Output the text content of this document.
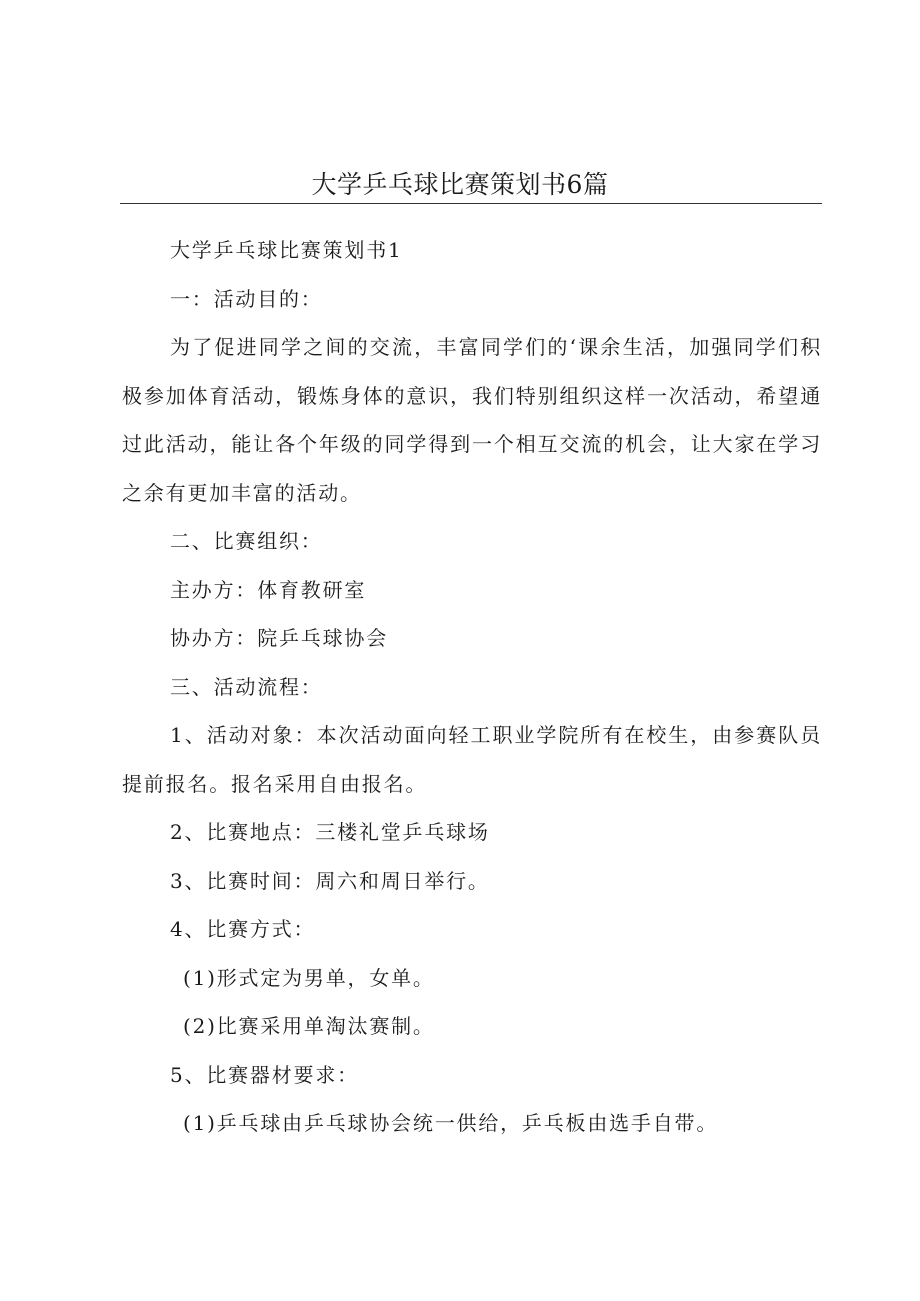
大学乒乓球比赛策划书6篇

大学乒乓球比赛策划书1

一：活动目的：

为了促进同学之间的交流，丰富同学们的‘课余生活，加强同学们积极参加体育活动，锻炼身体的意识，我们特别组织这样一次活动，希望通过此活动，能让各个年级的同学得到一个相互交流的机会，让大家在学习之余有更加丰富的活动。

二、比赛组织：

主办方：体育教研室

协办方：院乒乓球协会

三、活动流程：

1、活动对象：本次活动面向轻工职业学院所有在校生，由参赛队员提前报名。报名采用自由报名。

2、比赛地点：三楼礼堂乒乓球场

3、比赛时间：周六和周日举行。

4、比赛方式：

(1)形式定为男单，女单。

(2)比赛采用单淘汰赛制。

5、比赛器材要求：

(1)乒乓球由乒乓球协会统一供给，乒乓板由选手自带。
